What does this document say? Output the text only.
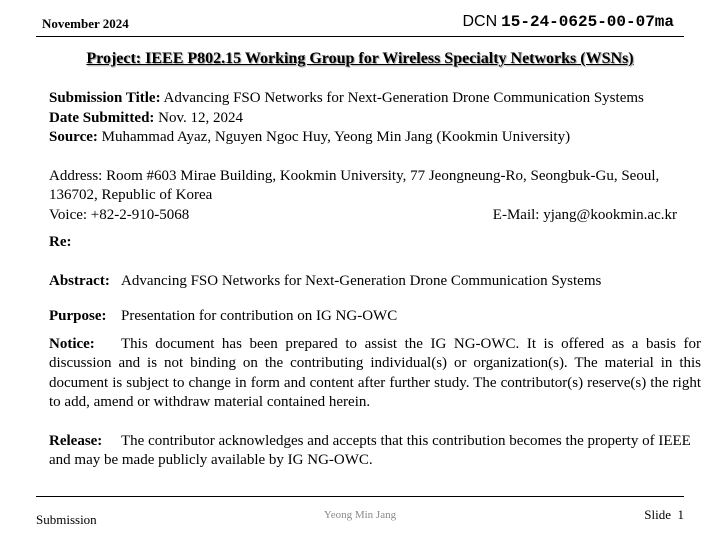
November 2024	DCN 15-24-0625-00-07ma
Project: IEEE P802.15 Working Group for Wireless Specialty Networks (WSNs)

Submission Title: Advancing FSO Networks for Next-Generation Drone Communication Systems

Date Submitted: Nov. 12, 2024

Source: Muhammad Ayaz, Nguyen Ngoc Huy, Yeong Min Jang (Kookmin University)

Address: Room #603 Mirae Building, Kookmin University, 77 Jeongneung-Ro, Seongbuk-Gu, Seoul, 136702, Republic of Korea

Voice: +82-2-910-5068	E-Mail: yjang@kookmin.ac.kr

Re:

Abstract: Advancing FSO Networks for Next-Generation Drone Communication Systems

Purpose: Presentation for contribution on IG NG-OWC

Notice: This document has been prepared to assist the IG NG-OWC. It is offered as a basis for discussion and is not binding on the contributing individual(s) or organization(s). The material in this document is subject to change in form and content after further study. The contributor(s) reserve(s) the right to add, amend or withdraw material contained herein.

Release: The contributor acknowledges and accepts that this contribution becomes the property of IEEE and may be made publicly available by IG NG-OWC.

Submission	Yeong Min Jang	Slide 1
